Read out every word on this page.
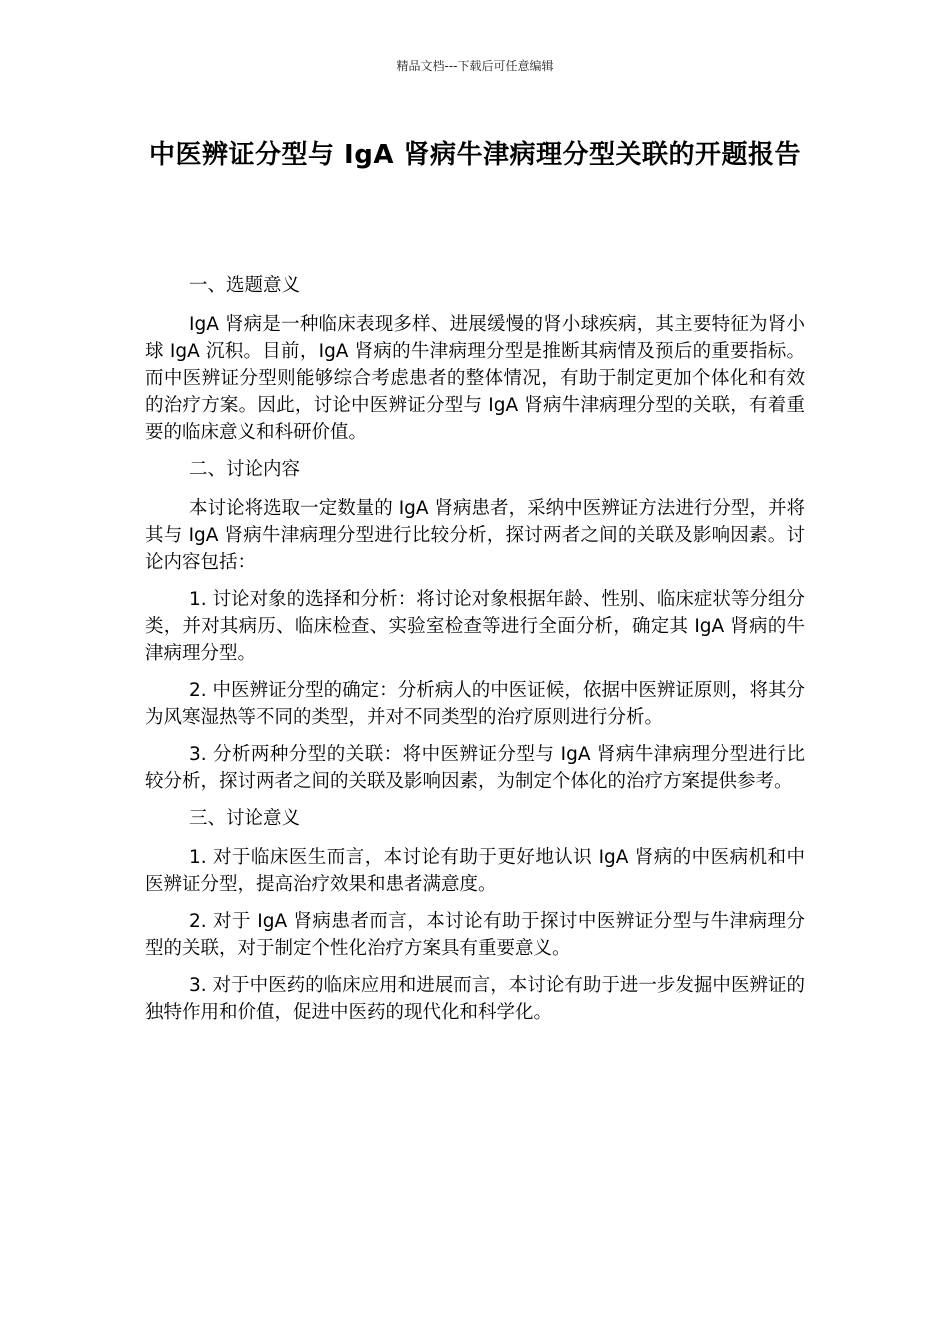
精品文档---下载后可任意编辑
中医辨证分型与 IgA 肾病牛津病理分型关联的开题报告
一、选题意义

IgA 肾病是一种临床表现多样、进展缓慢的肾小球疾病，其主要特征为肾小球 IgA 沉积。目前，IgA 肾病的牛津病理分型是推断其病情及预后的重要指标。而中医辨证分型则能够综合考虑患者的整体情况，有助于制定更加个体化和有效的治疗方案。因此，讨论中医辨证分型与 IgA 肾病牛津病理分型的关联，有着重要的临床意义和科研价值。

二、讨论内容

本讨论将选取一定数量的 IgA 肾病患者，采纳中医辨证方法进行分型，并将其与 IgA 肾病牛津病理分型进行比较分析，探讨两者之间的关联及影响因素。讨论内容包括：

1. 讨论对象的选择和分析：将讨论对象根据年龄、性别、临床症状等分组分类，并对其病历、临床检查、实验室检查等进行全面分析，确定其 IgA 肾病的牛津病理分型。

2. 中医辨证分型的确定：分析病人的中医证候，依据中医辨证原则，将其分为风寒湿热等不同的类型，并对不同类型的治疗原则进行分析。

3. 分析两种分型的关联：将中医辨证分型与 IgA 肾病牛津病理分型进行比较分析，探讨两者之间的关联及影响因素，为制定个体化的治疗方案提供参考。

三、讨论意义

1. 对于临床医生而言，本讨论有助于更好地认识 IgA 肾病的中医病机和中医辨证分型，提高治疗效果和患者满意度。

2. 对于 IgA 肾病患者而言，本讨论有助于探讨中医辨证分型与牛津病理分型的关联，对于制定个性化治疗方案具有重要意义。

3. 对于中医药的临床应用和进展而言，本讨论有助于进一步发掘中医辨证的独特作用和价值，促进中医药的现代化和科学化。
